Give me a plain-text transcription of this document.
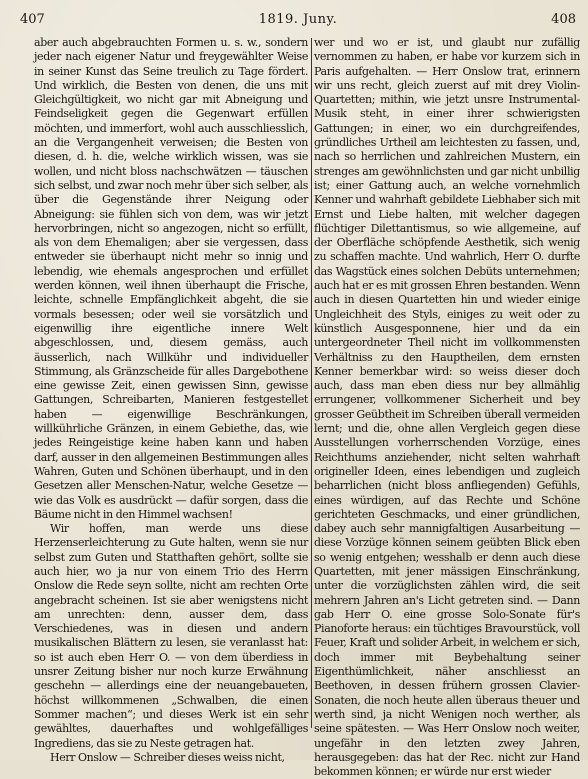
407	1819. Juny.	408

aber auch abgebrauchten Formen u. s. w., sondern jeder nach eigener Natur und freygewählter Weise in seiner Kunst das Seine treulich zu Tage fördert. Und wirklich, die Besten von denen, die uns mit Gleichgültigkeit, wo nicht gar mit Abneigung und Feindseligkeit gegen die Gegenwart erfüllen möchten, und immerfort, wohl auch ausschliesslich, an die Vergangenheit verweisen; die Besten von diesen, d. h. die, welche wirklich wissen, was sie wollen, und nicht bloss nachschwätzen — täuschen sich selbst, und zwar noch mehr über sich selber, als über die Gegenstände ihrer Neigung oder Abneigung: sie fühlen sich von dem, was wir jetzt hervorbringen, nicht so angezogen, nicht so erfüllt, als von dem Ehemaligen; aber sie vergessen, dass entweder sie überhaupt nicht mehr so innig und lebendig, wie ehemals angesprochen und erfüllet werden können, weil ihnen überhaupt die Frische, leichte, schnelle Empfänglichkeit abgeht, die sie vormals besessen; oder weil sie vorsätzlich und eigenwillig ihre eigentliche innere Welt abgeschlossen, und, diesem gemäss, auch äusserlich, nach Willkühr und individueller Stimmung, als Gränzscheide für alles Dargebothene eine gewisse Zeit, einen gewissen Sinn, gewisse Gattungen, Schreibarten, Manieren festgestellet haben — eigenwillige Beschränkungen, willkührliche Gränzen, in einem Gebiethe, das, wie jedes Reingeistige keine haben kann und haben darf, ausser in den allgemeinen Bestimmungen alles Wahren, Guten und Schönen überhaupt, und in den Gesetzen aller Menschen-Natur, welche Gesetze — wie das Volk es ausdrückt — dafür sorgen, dass die Bäume nicht in den Himmel wachsen!

Wir hoffen, man werde uns diese Herzenserleichterung zu Gute halten, wenn sie nur selbst zum Guten und Statthaften gehört, sollte sie auch hier, wo ja nur von einem Trio des Herrn Onslow die Rede seyn sollte, nicht am rechten Orte angebracht scheinen. Ist sie aber wenigstens nicht am unrechten: denn, ausser dem, dass Verschiedenes, was in diesen und andern musikalischen Blättern zu lesen, sie veranlasst hat: so ist auch eben Herr O. — von dem überdiess in unsrer Zeitung bisher nur noch kurze Erwähnung geschehn — allerdings eine der neuangebaueten, höchst willkommenen „Schwalben, die einen Sommer machen“; und dieses Werk ist ein sehr gewähltes, dauerhaftes und wohlgefälliges Ingrediens, das sie zu Neste getragen hat.

Herr Onslow — Schreiber dieses weiss nicht,

wer und wo er ist, und glaubt nur zufällig vernommen zu haben, er habe vor kurzem sich in Paris aufgehalten. — Herr Onslow trat, erinnern wir uns recht, gleich zuerst auf mit drey Violin-Quartetten; mithin, wie jetzt unsre Instrumental-Musik steht, in einer ihrer schwierigsten Gattungen; in einer, wo ein durchgreifendes, gründliches Urtheil am leichtesten zu fassen, und, nach so herrlichen und zahlreichen Mustern, ein strenges am gewöhnlichsten und gar nicht unbillig ist; einer Gattung auch, an welche vornehmlich Kenner und wahrhaft gebildete Liebhaber sich mit Ernst und Liebe halten, mit welcher dagegen flüchtiger Dilettantismus, so wie allgemeine, auf der Oberfläche schöpfende Aesthetik, sich wenig zu schaffen machte. Und wahrlich, Herr O. durfte das Wagstück eines solchen Debüts unternehmen; auch hat er es mit grossen Ehren bestanden. Wenn auch in diesen Quartetten hin und wieder einige Ungleichheit des Styls, einiges zu weit oder zu künstlich Ausgesponnene, hier und da ein untergeordneter Theil nicht im vollkommensten Verhältniss zu den Hauptheilen, dem ernsten Kenner bemerkbar wird: so weiss dieser doch auch, dass man eben diess nur bey allmählig errungener, vollkommener Sicherheit und bey grosser Geübtheit im Schreiben überall vermeiden lernt; und die, ohne allen Vergleich gegen diese Ausstellungen vorherrschenden Vorzüge, eines Reichthums anziehender, nicht selten wahrhaft origineller Ideen, eines lebendigen und zugleich beharrlichen (nicht bloss anfliegenden) Gefühls, eines würdigen, auf das Rechte und Schöne gerichteten Geschmacks, und einer gründlichen, dabey auch sehr mannigfaltigen Ausarbeitung — diese Vorzüge können seinem geübten Blick eben so wenig entgehen; wesshalb er denn auch diese Quartetten, mit jener mässigen Einschränkung, unter die vorzüglichsten zählen wird, die seit mehrern Jahren an's Licht getreten sind. — Dann gab Herr O. eine grosse Solo-Sonate für's Pianoforte heraus: ein tüchtiges Bravourstück, voll Feuer, Kraft und solider Arbeit, in welchem er sich, doch immer mit Beybehaltung seiner Eigenthümlichkeit, näher anschliesst an Beethoven, in dessen frühern grossen Clavier-Sonaten, die noch heute allen überaus theuer und werth sind, ja nicht Wenigen noch werther, als seine spätesten. — Was Herr Onslow noch weiter, ungefähr in den letzten zwey Jahren, herausgegeben: das hat der Rec. nicht zur Hand bekommen können; er würde nur erst wieder
